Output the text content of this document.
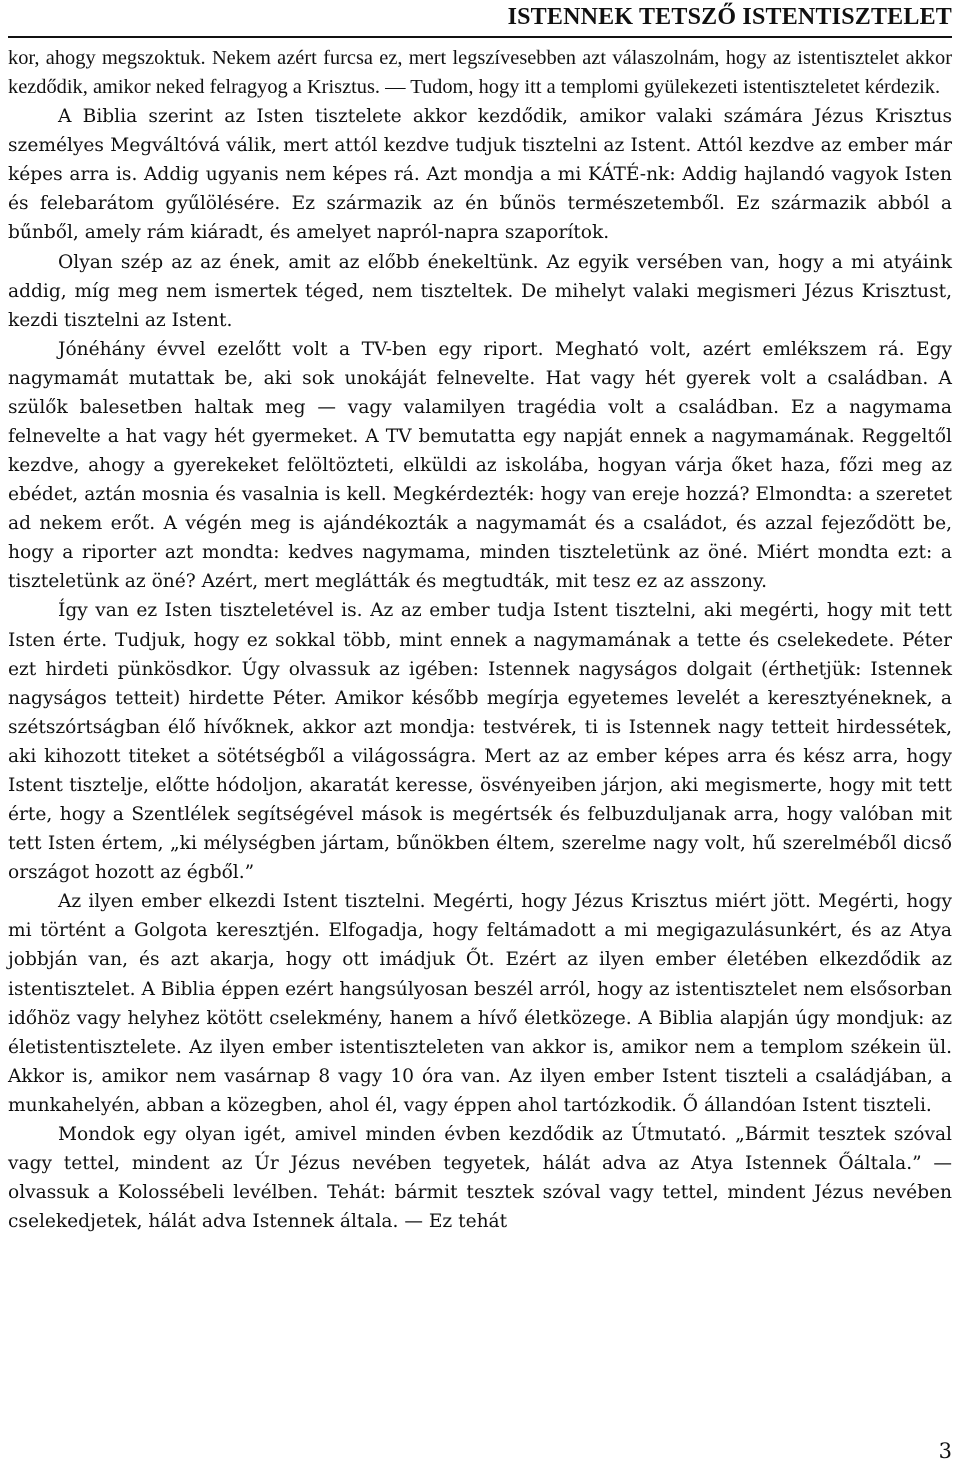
ISTENNEK TETSZŐ ISTENTISZTELET

kor, ahogy megszoktuk. Nekem azért furcsa ez, mert legszívesebben azt válaszolnám, hogy az istentisztelet akkor kezdődik, amikor neked felragyog a Krisztus. — Tudom, hogy itt a templomi gyülekezeti istentiszteletet kérdezik.

A Biblia szerint az Isten tisztelete akkor kezdődik, amikor valaki számára Jézus Krisztus személyes Megváltóvá válik, mert attól kezdve tudjuk tisztelni az Istent. Attól kezdve az ember már képes arra is. Addig ugyanis nem képes rá. Azt mondja a mi KÁTÉ-nk: Addig hajlandó vagyok Isten és felebarátom gyűlölésére. Ez származik az én bűnös természetemből. Ez származik abból a bűnből, amely rám kiáradt, és amelyet napról-napra szaporítok.

Olyan szép az az ének, amit az előbb énekeltünk. Az egyik versében van, hogy a mi atyáink addig, míg meg nem ismertek téged, nem tiszteltek. De mihelyt valaki megismeri Jézus Krisztust, kezdi tisztelni az Istent.

Jónéhány évvel ezelőtt volt a TV-ben egy riport. Megható volt, azért emlékszem rá. Egy nagymamát mutattak be, aki sok unokáját felnevelte. Hat vagy hét gyerek volt a családban. A szülők balesetben haltak meg — vagy valamilyen tragédia volt a családban. Ez a nagymama felnevelte a hat vagy hét gyermeket. A TV bemutatta egy napját ennek a nagymamának. Reggeltől kezdve, ahogy a gyerekeket felöltözteti, elküldi az iskolába, hogyan várja őket haza, főzi meg az ebédet, aztán mosnia és vasalnia is kell. Megkérdezték: hogy van ereje hozzá? Elmondta: a szeretet ad nekem erőt. A végén meg is ajándékozták a nagymamát és a családot, és azzal fejeződött be, hogy a riporter azt mondta: kedves nagymama, minden tiszteletünk az öné. Miért mondta ezt: a tiszteletünk az öné? Azért, mert meglátták és megtudták, mit tesz ez az asszony.

Így van ez Isten tiszteletével is. Az az ember tudja Istent tisztelni, aki megérti, hogy mit tett Isten érte. Tudjuk, hogy ez sokkal több, mint ennek a nagymamának a tette és cselekedete. Péter ezt hirdeti pünkösdkor. Úgy olvassuk az igében: Istennek nagyságos dolgait (érthetjük: Istennek nagyságos tetteit) hirdette Péter. Amikor később megírja egyetemes levelét a keresztyéneknek, a szétszórtságban élő hívőknek, akkor azt mondja: testvérek, ti is Istennek nagy tetteit hirdessétek, aki kihozott titeket a sötétségből a világosságra. Mert az az ember képes arra és kész arra, hogy Istent tisztelje, előtte hódoljon, akaratát keresse, ösvényeiben járjon, aki megismerte, hogy mit tett érte, hogy a Szentlélek segítségével mások is megértsék és felbuzduljanak arra, hogy valóban mit tett Isten értem, „ki mélységben jártam, bűnökben éltem, szerelme nagy volt, hű szerelméből dicső országot hozott az égből.”

Az ilyen ember elkezdi Istent tisztelni. Megérti, hogy Jézus Krisztus miért jött. Megérti, hogy mi történt a Golgota keresztjén. Elfogadja, hogy feltámadott a mi megigazulásunkért, és az Atya jobbján van, és azt akarja, hogy ott imádjuk Őt. Ezért az ilyen ember életében elkezdődik az istentisztelet. A Biblia éppen ezért hangsúlyosan beszél arról, hogy az istentisztelet nem elsősorban időhöz vagy helyhez kötött cselekmény, hanem a hívő életközege. A Biblia alapján úgy mondjuk: az életistentisztelete. Az ilyen ember istentiszteleten van akkor is, amikor nem a templom székein ül. Akkor is, amikor nem vasárnap 8 vagy 10 óra van. Az ilyen ember Istent tiszteli a családjában, a munkahelyén, abban a közegben, ahol él, vagy éppen ahol tartózkodik. Ő állandóan Istent tiszteli.

Mondok egy olyan igét, amivel minden évben kezdődik az Útmutató. „Bármit tesztek szóval vagy tettel, mindent az Úr Jézus nevében tegyetek, hálát adva az Atya Istennek Őáltala.” — olvassuk a Kolossébeli levélben. Tehát: bármit tesztek szóval vagy tettel, mindent Jézus nevében cselekedjetek, hálát adva Istennek általa. — Ez tehát

3
